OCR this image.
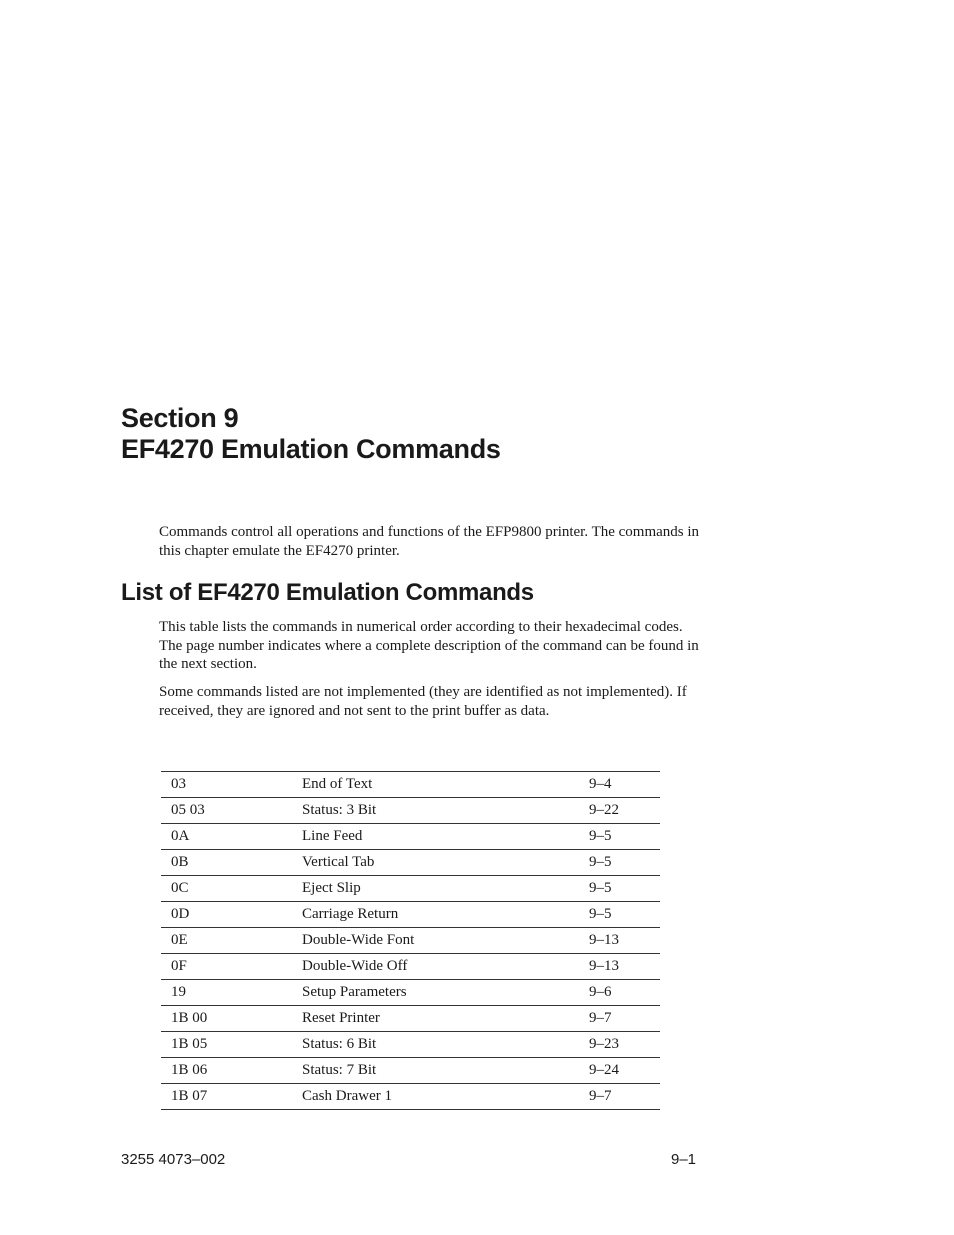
Section 9
EF4270 Emulation Commands

Commands control all operations and functions of the EFP9800 printer. The commands in this chapter emulate the EF4270 printer.

List of EF4270 Emulation Commands

This table lists the commands in numerical order according to their hexadecimal codes. The page number indicates where a complete description of the command can be found in the next section.

Some commands listed are not implemented (they are identified as not implemented). If received, they are ignored and not sent to the print buffer as data.

03	End of Text	9–4
05 03	Status: 3 Bit	9–22
0A	Line Feed	9–5
0B	Vertical Tab	9–5
0C	Eject Slip	9–5
0D	Carriage Return	9–5
0E	Double-Wide Font	9–13
0F	Double-Wide Off	9–13
19	Setup Parameters	9–6
1B 00	Reset Printer	9–7
1B 05	Status: 6 Bit	9–23
1B 06	Status: 7 Bit	9–24
1B 07	Cash Drawer 1	9–7
3255 4073–002	9–1
